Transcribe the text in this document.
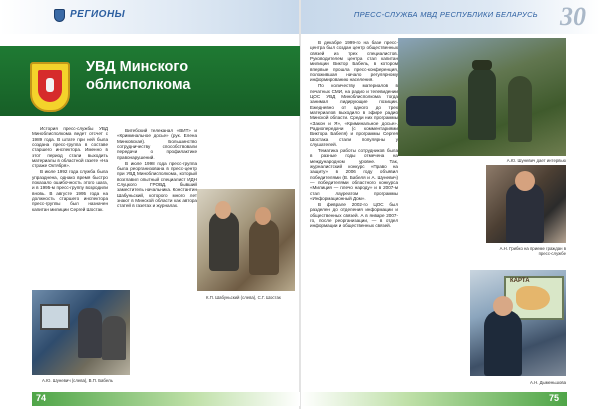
РЕГИОНЫ	ПРЕСС-СЛУЖБА МВД РЕСПУБЛИКИ БЕЛАРУСЬ 30
УВД Минского облисполкома

История пресс-службы УВД Миноблисполкома ведет отсчет с 1989 года. В штате при ней была создана пресс-группа в составе старшего инспектора. Именно в этот период стали выходить материалы в областной газете «На страже Октября».

В июле 1992 года служба была упразднена, однако время быстро показало ошибочность этого шага, и в 1995-м пресс-группу возродили вновь. В августе 1995 года на должность старшего инспектора пресс-группы был назначен капитан милиции Сергей Шостак.

Витебский телеканал «ВИТ» и «Криминальное досье» (рук. Елена Минковская). Большинство сотрудничеству способствовали передачи о профилактике правонарушений.

В июле 1998 года пресс-группа была реорганизована в пресс-центр при УВД Миноблисполкома, который возглавил опытный специалист ИДН Слуцкого ГРОВД, бывший заместитель начальника. Константин Шабуньский, которого много лет знают в Минской области как автора статей в газетах и журналах.

К.П. Шабуньский (слева), С.Г. Шостак
А.Ю. Шуневич (слева), В.П. Бабель

В декабре 1999-го на базе пресс-центра был создан центр общественных связей из трех специалистов. Руководителем центра стал капитан милиции Виктор Бабель, в котором впервые прошла пресс-конференция, положившая начало регулярному информированию населения.

По количеству материалов в печатных СМИ, на радио и телевидении ЦОС УВД Миноблисполкома тогда занимал лидирующие позиции. Ежедневно от одного до трех материалов выходило в эфире радио Минской области. Среди них программы «Закон и Я», «Криминальное досье». Радиопередачи (с комментариями Виктора Бабеля) и программы Сергея Шостака стали популярны у слушателей.

Тематика работы сотрудников была в разные годы отмечена на международном уровне. Так, журналистский конкурс «Право на защиту» в 2006 году объявил победителями (В. Бабеля и А. Шуневич) — победителями областного конкурса «Милиция — плечо народу» и в 2007-м стал лауреатом программы «Информационный Дом».

В феврале 2002-го ЦОС был разделен до отделения информации и общественных связей. А в январе 2007-го, после реорганизации, — в отдел информации и общественных связей.

А.Ю. Шуневич дает интервью
А.Н. Грибко на приеме граждан в пресс-службе
КАРТА
А.Н. Дыменьшова
74	75
